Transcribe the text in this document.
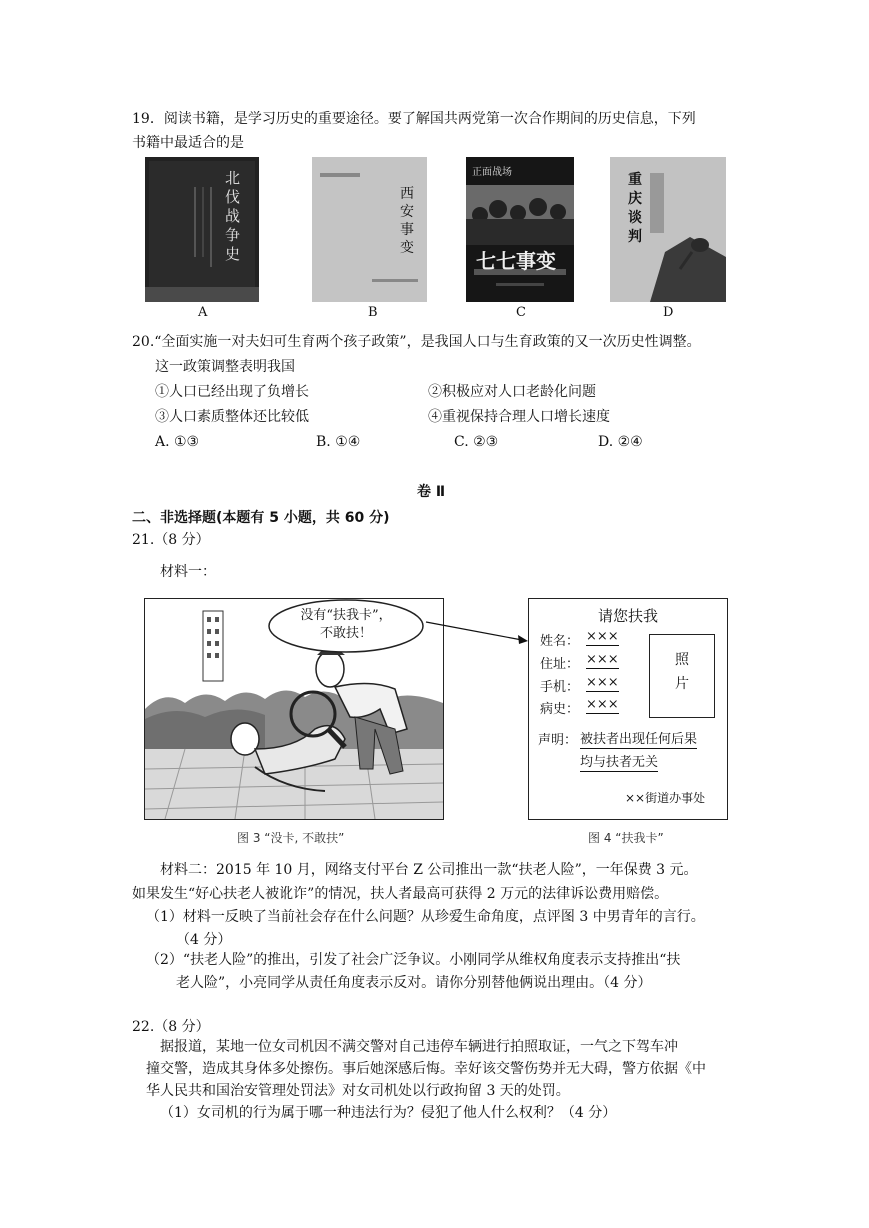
19．阅读书籍，是学习历史的重要途径。要了解国共两党第一次合作期间的历史信息，下列
书籍中最适合的是
北伐战争史
A
西安事变
B
正面战场
七七事变
C
重庆谈判
D
20.“全面实施一对夫妇可生育两个孩子政策”，是我国人口与生育政策的又一次历史性调整。
这一政策调整表明我国
①人口已经出现了负增长	②积极应对人口老龄化问题
③人口素质整体还比较低	④重视保持合理人口增长速度
A. ①③	B. ①④	C. ②③	D. ②④
卷 Ⅱ
二、非选择题(本题有 5 小题，共 60 分)
21.（8 分）
材料一：
没有“扶我卡”，
不敢扶！
请您扶我
姓名： ×××
住址： ×××
手机： ×××
病史： ×××
照
片
声明： 被扶者出现任何后果
均与扶者无关
××街道办事处
图 3 “没卡, 不敢扶”	图 4 “扶我卡”
材料二：2015 年 10 月，网络支付平台 Z 公司推出一款“扶老人险”，一年保费 3 元。
如果发生“好心扶老人被讹诈”的情况，扶人者最高可获得 2 万元的法律诉讼费用赔偿。
（1）材料一反映了当前社会存在什么问题？从珍爱生命角度，点评图 3 中男青年的言行。
（4 分）
（2）“扶老人险”的推出，引发了社会广泛争议。小刚同学从维权角度表示支持推出“扶
老人险”，小亮同学从责任角度表示反对。请你分别替他俩说出理由。（4 分）
22.（8 分）
据报道，某地一位女司机因不满交警对自己违停车辆进行拍照取证，一气之下驾车冲
撞交警，造成其身体多处擦伤。事后她深感后悔。幸好该交警伤势并无大碍，警方依据《中
华人民共和国治安管理处罚法》对女司机处以行政拘留 3 天的处罚。
（1）女司机的行为属于哪一种违法行为？侵犯了他人什么权利？（4 分）
